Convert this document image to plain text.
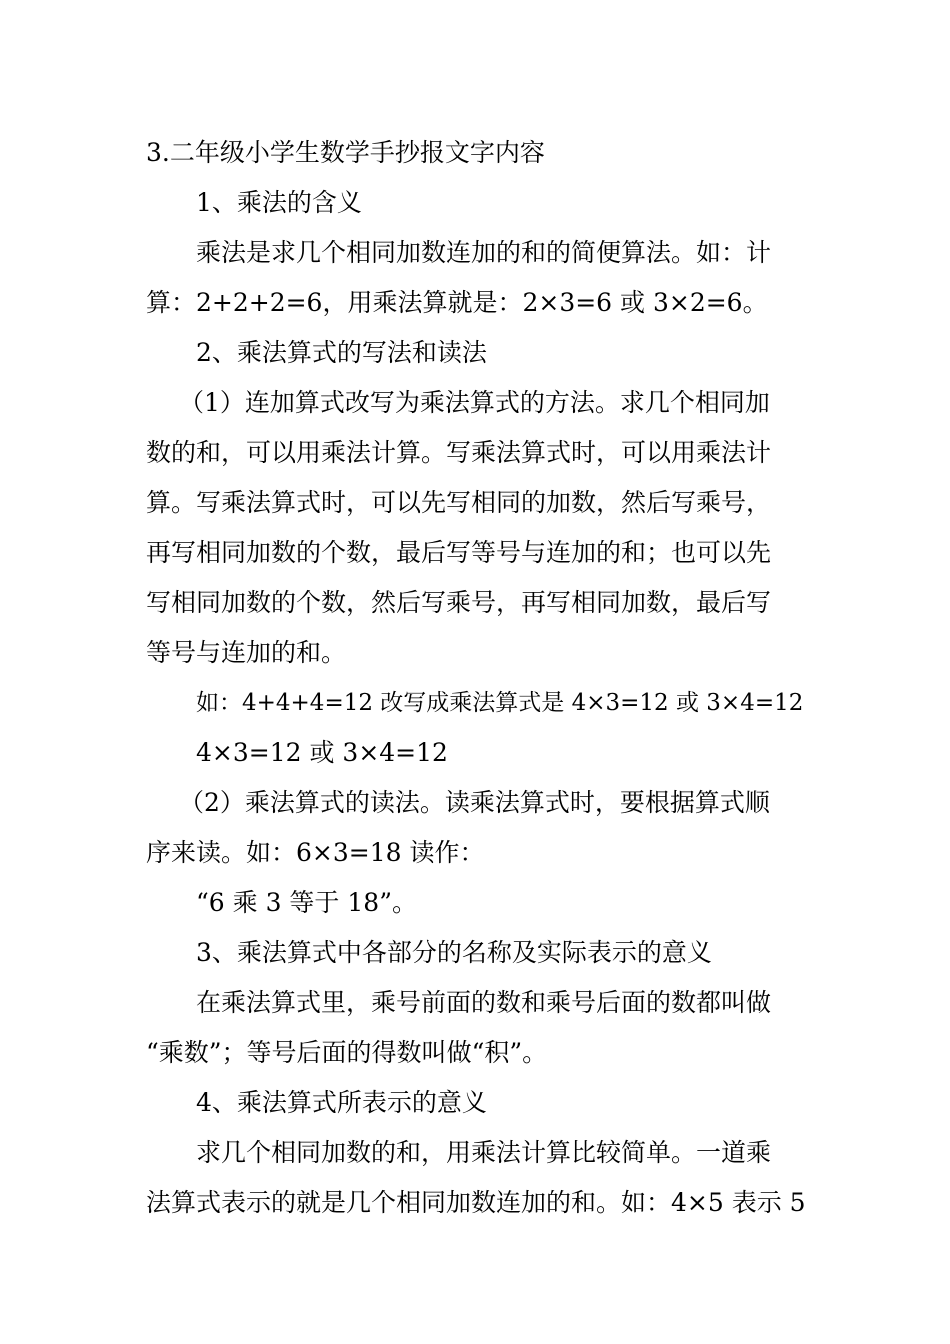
3.二年级小学生数学手抄报文字内容
1、乘法的含义
乘法是求几个相同加数连加的和的简便算法。如：计
算：2+2+2=6，用乘法算就是：2×3=6 或 3×2=6。
2、乘法算式的写法和读法
（1）连加算式改写为乘法算式的方法。求几个相同加
数的和，可以用乘法计算。写乘法算式时，可以用乘法计
算。写乘法算式时，可以先写相同的加数，然后写乘号，
再写相同加数的个数，最后写等号与连加的和；也可以先
写相同加数的个数，然后写乘号，再写相同加数，最后写
等号与连加的和。
如：4+4+4=12 改写成乘法算式是 4×3=12 或 3×4=12
4×3=12 或 3×4=12
（2）乘法算式的读法。读乘法算式时，要根据算式顺
序来读。如：6×3=18 读作：
“6 乘 3 等于 18”。
3、乘法算式中各部分的名称及实际表示的意义
在乘法算式里，乘号前面的数和乘号后面的数都叫做
“乘数”；等号后面的得数叫做“积”。
4、乘法算式所表示的意义
求几个相同加数的和，用乘法计算比较简单。一道乘
法算式表示的就是几个相同加数连加的和。如：4×5 表示 5
